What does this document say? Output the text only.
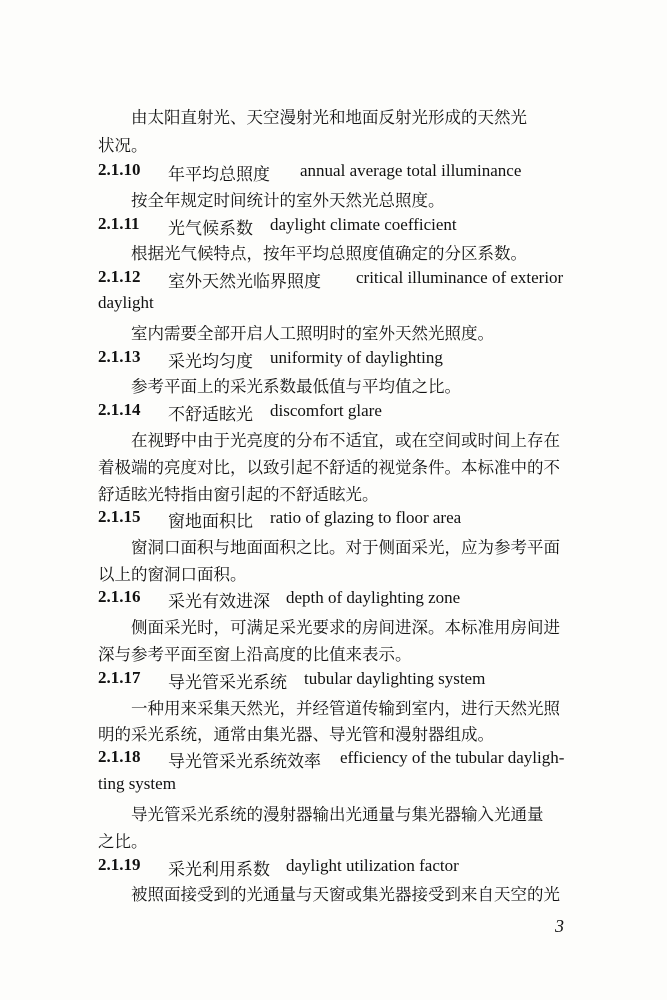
由太阳直射光、天空漫射光和地面反射光形成的天然光
状况。
2.1.10 年平均总照度 annual average total illuminance
按全年规定时间统计的室外天然光总照度。
2.1.11 光气候系数 daylight climate coefficient
根据光气候特点，按年平均总照度值确定的分区系数。
2.1.12 室外天然光临界照度 critical illuminance of exterior
daylight
室内需要全部开启人工照明时的室外天然光照度。
2.1.13 采光均匀度 uniformity of daylighting
参考平面上的采光系数最低值与平均值之比。
2.1.14 不舒适眩光 discomfort glare
在视野中由于光亮度的分布不适宜，或在空间或时间上存在
着极端的亮度对比，以致引起不舒适的视觉条件。本标准中的不
舒适眩光特指由窗引起的不舒适眩光。
2.1.15 窗地面积比 ratio of glazing to floor area
窗洞口面积与地面面积之比。对于侧面采光，应为参考平面
以上的窗洞口面积。
2.1.16 采光有效进深 depth of daylighting zone
侧面采光时，可满足采光要求的房间进深。本标准用房间进
深与参考平面至窗上沿高度的比值来表示。
2.1.17 导光管采光系统 tubular daylighting system
一种用来采集天然光，并经管道传输到室内，进行天然光照
明的采光系统，通常由集光器、导光管和漫射器组成。
2.1.18 导光管采光系统效率 efficiency of the tubular dayligh-
ting system
导光管采光系统的漫射器输出光通量与集光器输入光通量
之比。
2.1.19 采光利用系数 daylight utilization factor
被照面接受到的光通量与天窗或集光器接受到来自天空的光
3
